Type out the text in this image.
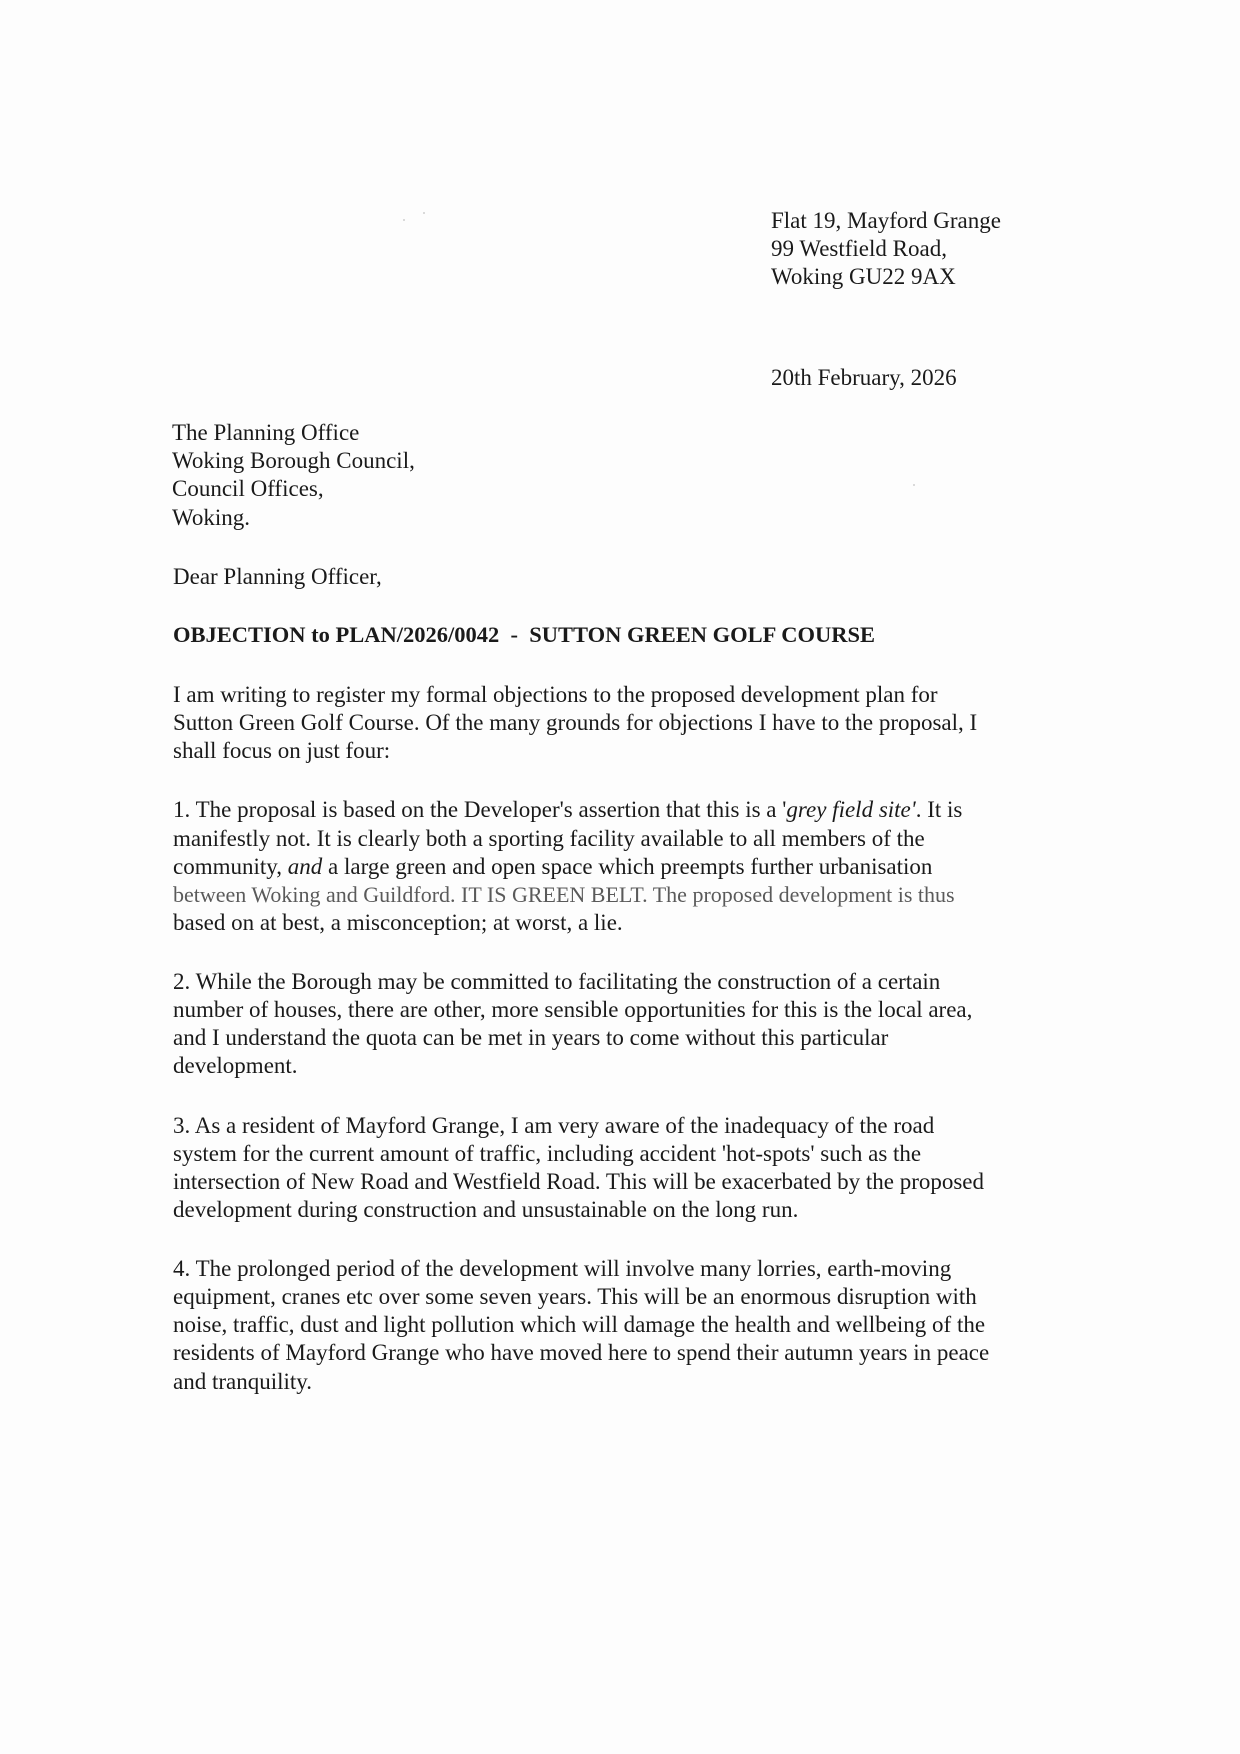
Flat 19, Mayford Grange
99 Westfield Road,
Woking GU22 9AX
20th February, 2026
The Planning Office
Woking Borough Council,
Council Offices,
Woking.
Dear Planning Officer,
OBJECTION to PLAN/2026/0042 - SUTTON GREEN GOLF COURSE
I am writing to register my formal objections to the proposed development plan for
Sutton Green Golf Course. Of the many grounds for objections I have to the proposal, I
shall focus on just four:
1. The proposal is based on the Developer's assertion that this is a 'grey field site'. It is
manifestly not. It is clearly both a sporting facility available to all members of the
community, and a large green and open space which preempts further urbanisation
between Woking and Guildford. IT IS GREEN BELT. The proposed development is thus
based on at best, a misconception; at worst, a lie.
2. While the Borough may be committed to facilitating the construction of a certain
number of houses, there are other, more sensible opportunities for this is the local area,
and I understand the quota can be met in years to come without this particular
development.
3. As a resident of Mayford Grange, I am very aware of the inadequacy of the road
system for the current amount of traffic, including accident 'hot-spots' such as the
intersection of New Road and Westfield Road. This will be exacerbated by the proposed
development during construction and unsustainable on the long run.
4. The prolonged period of the development will involve many lorries, earth-moving
equipment, cranes etc over some seven years. This will be an enormous disruption with
noise, traffic, dust and light pollution which will damage the health and wellbeing of the
residents of Mayford Grange who have moved here to spend their autumn years in peace
and tranquility.
